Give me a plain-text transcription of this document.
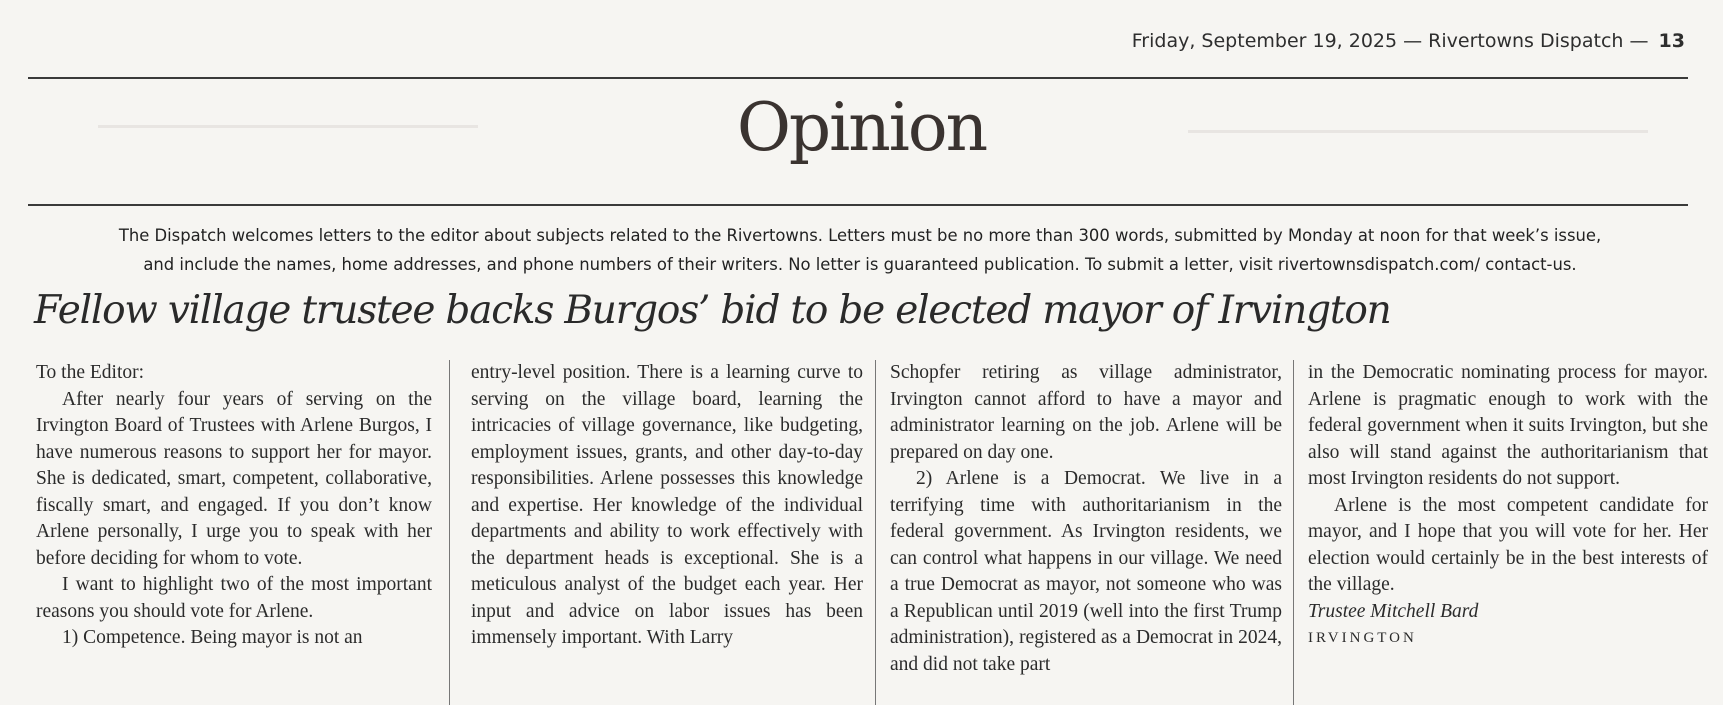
Friday, September 19, 2025 — Rivertowns Dispatch — 13
Opinion
The Dispatch welcomes letters to the editor about subjects related to the Rivertowns. Letters must be no more than 300 words, submitted by Monday at noon for that week’s issue,
and include the names, home addresses, and phone numbers of their writers. No letter is guaranteed publication. To submit a letter, visit rivertownsdispatch.com/ contact-us.
Fellow village trustee backs Burgos’ bid to be elected mayor of Irvington

To the Editor:

After nearly four years of serving on the Irvington Board of Trustees with Arlene Burgos, I have numerous reasons to support her for mayor. She is dedicated, smart, competent, collaborative, fiscally smart, and engaged. If you don’t know Arlene personally, I urge you to speak with her before deciding for whom to vote.

I want to highlight two of the most important reasons you should vote for Arlene.

1) Competence. Being mayor is not an

entry-level position. There is a learning curve to serving on the village board, learning the intricacies of village governance, like budgeting, employment issues, grants, and other day-to-day responsibilities. Arlene possesses this knowledge and expertise. Her knowledge of the individual departments and ability to work effectively with the department heads is exceptional. She is a meticulous analyst of the budget each year. Her input and advice on labor issues has been immensely important. With Larry

Schopfer retiring as village administrator, Irvington cannot afford to have a mayor and administrator learning on the job. Arlene will be prepared on day one.

2) Arlene is a Democrat. We live in a terrifying time with authoritarianism in the federal government. As Irvington residents, we can control what happens in our village. We need a true Democrat as mayor, not someone who was a Republican until 2019 (well into the first Trump administration), registered as a Democrat in 2024, and did not take part

in the Democratic nominating process for mayor. Arlene is pragmatic enough to work with the federal government when it suits Irvington, but she also will stand against the authoritarianism that most Irvington residents do not support.

Arlene is the most competent candidate for mayor, and I hope that you will vote for her. Her election would certainly be in the best interests of the village.

Trustee Mitchell Bard

IRVINGTON
